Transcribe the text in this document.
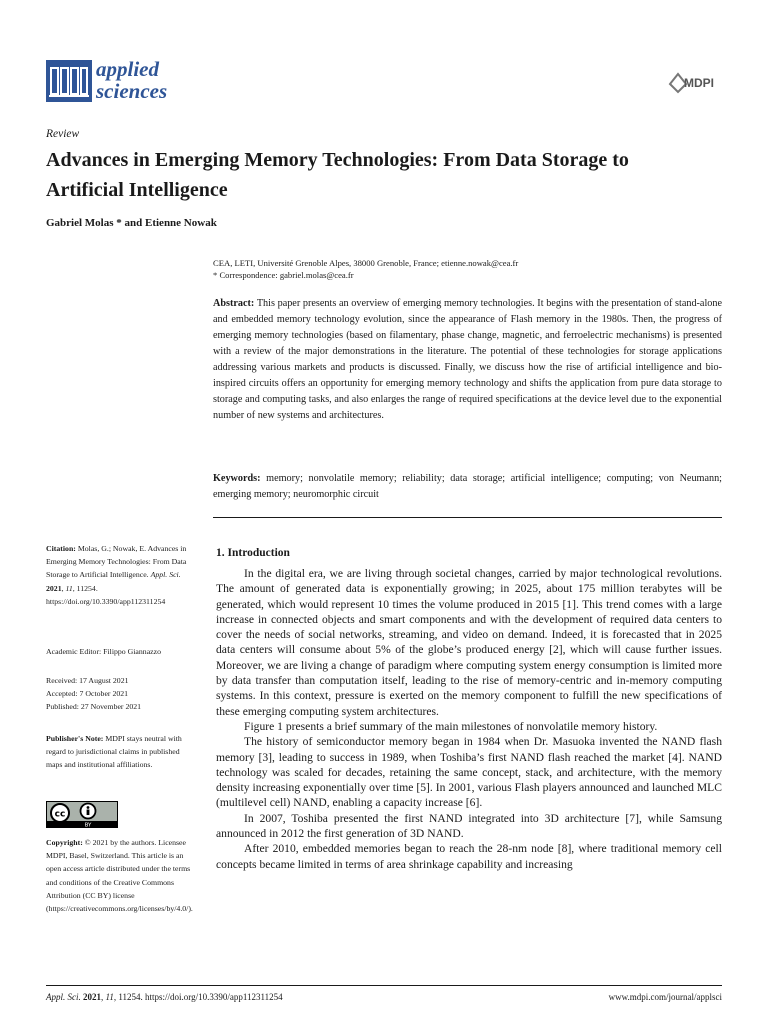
applied
sciences	MDPI
Review
Advances in Emerging Memory Technologies: From Data Storage to Artificial Intelligence
Gabriel Molas * and Etienne Nowak
CEA, LETI, Université Grenoble Alpes, 38000 Grenoble, France; etienne.nowak@cea.fr
* Correspondence: gabriel.molas@cea.fr
Abstract: This paper presents an overview of emerging memory technologies. It begins with the presentation of stand-alone and embedded memory technology evolution, since the appearance of Flash memory in the 1980s. Then, the progress of emerging memory technologies (based on filamentary, phase change, magnetic, and ferroelectric mechanisms) is presented with a review of the major demonstrations in the literature. The potential of these technologies for storage applications addressing various markets and products is discussed. Finally, we discuss how the rise of artificial intelligence and bio-inspired circuits offers an opportunity for emerging memory technology and shifts the application from pure data storage to storage and computing tasks, and also enlarges the range of required specifications at the device level due to the exponential number of new systems and architectures.
Keywords: memory; nonvolatile memory; reliability; data storage; artificial intelligence; computing; von Neumann; emerging memory; neuromorphic circuit
Citation: Molas, G.; Nowak, E. Advances in Emerging Memory Technologies: From Data Storage to Artificial Intelligence. Appl. Sci. 2021, 11, 11254. https://doi.org/10.3390/app112311254
Academic Editor: Filippo Giannazzo
Received: 17 August 2021
Accepted: 7 October 2021
Published: 27 November 2021
Publisher's Note: MDPI stays neutral with regard to jurisdictional claims in published maps and institutional affiliations.
cc
BY
Copyright: © 2021 by the authors. Licensee MDPI, Basel, Switzerland. This article is an open access article distributed under the terms and conditions of the Creative Commons Attribution (CC BY) license (https://creativecommons.org/licenses/by/4.0/).
1. Introduction

In the digital era, we are living through societal changes, carried by major technological revolutions. The amount of generated data is exponentially growing; in 2025, about 175 million terabytes will be generated, which would represent 10 times the volume produced in 2015 [1]. This trend comes with a large increase in connected objects and smart components and with the development of required data centers to cover the needs of social networks, streaming, and video on demand. Indeed, it is forecasted that in 2025 data centers will consume about 5% of the globe’s produced energy [2], which will cause further issues. Moreover, we are living a change of paradigm where computing system energy consumption is limited more by data transfer than computation itself, leading to the rise of memory-centric and in-memory computing systems. In this context, pressure is exerted on the memory component to fulfill the new specifications of these emerging computing system architectures.

Figure 1 presents a brief summary of the main milestones of nonvolatile memory history.

The history of semiconductor memory began in 1984 when Dr. Masuoka invented the NAND flash memory [3], leading to success in 1989, when Toshiba’s first NAND flash reached the market [4]. NAND technology was scaled for decades, retaining the same concept, stack, and architecture, with the memory density increasing exponentially over time [5]. In 2001, various Flash players announced and launched MLC (multilevel cell) NAND, enabling a capacity increase [6].

In 2007, Toshiba presented the first NAND integrated into 3D architecture [7], while Samsung announced in 2012 the first generation of 3D NAND.

After 2010, embedded memories began to reach the 28-nm node [8], where traditional memory cell concepts became limited in terms of area shrinkage capability and increasing

Appl. Sci. 2021, 11, 11254. https://doi.org/10.3390/app112311254	www.mdpi.com/journal/applsci
